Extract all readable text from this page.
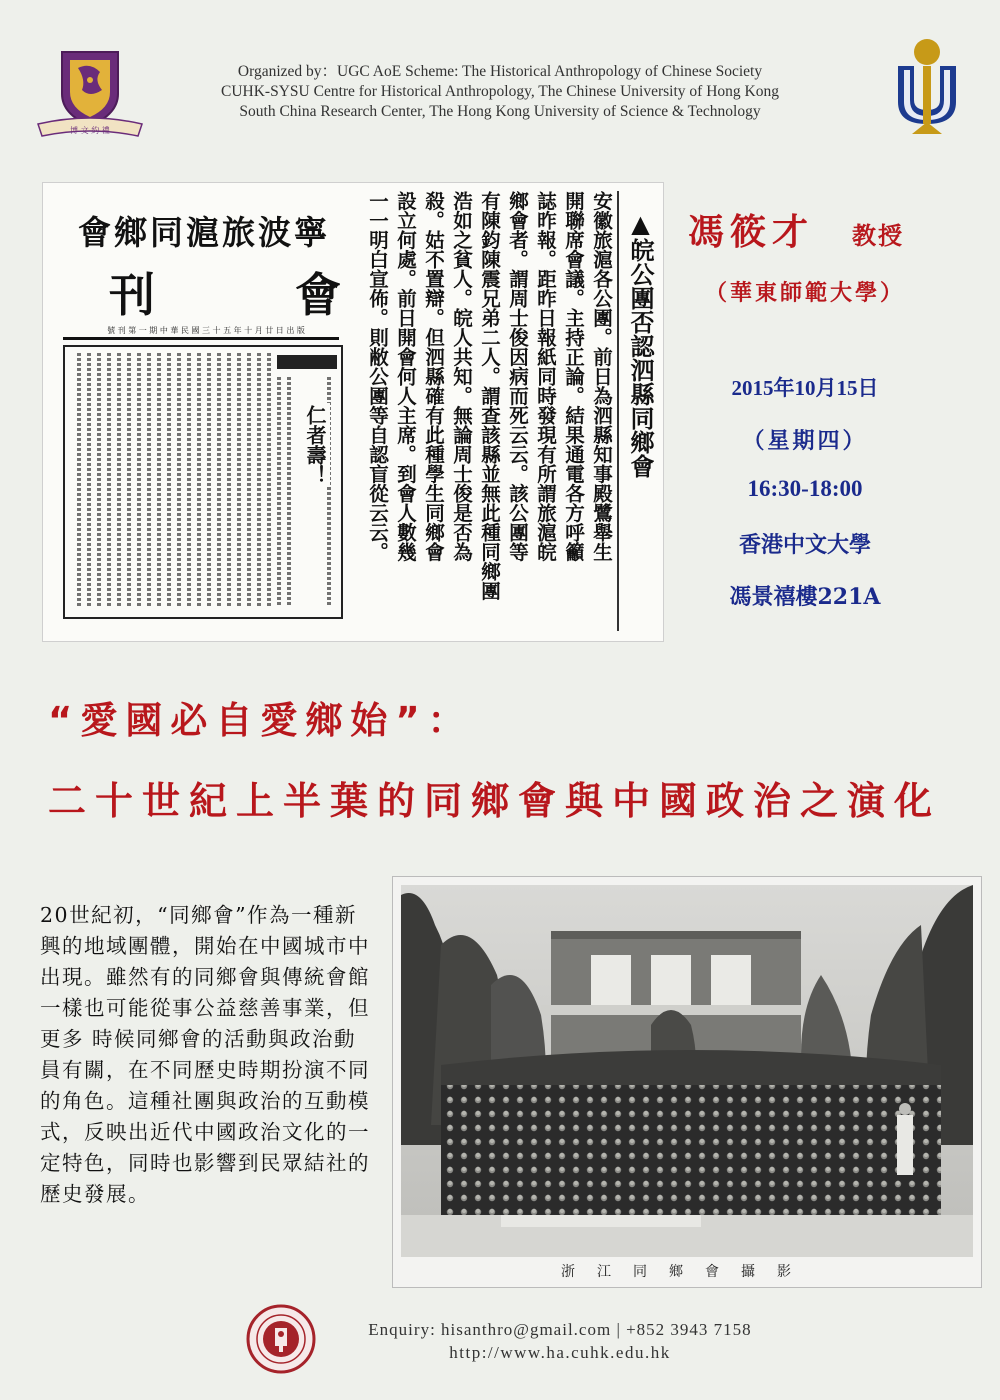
博 文 約 禮
Organized by：UGC AoE Scheme: The Historical Anthropology of Chinese Society
CUHK-SYSU Centre for Historical Anthropology, The Chinese University of Hong Kong
South China Research Center, The Hong Kong University of Science & Technology
會鄉同滬旅波寧
刊 會
號 刊 第 一 期 中 華 民 國 三 十 五 年 十 月 廿 日 出 版
仁者壽！	▲皖公團否認泗縣同鄉會
安徽旅滬各公團。前日為泗縣知事殿鷺舉生
開聯席會議。主持正論。結果通電各方呼籲
誌昨報。距昨日報紙同時發現有所謂旅滬皖
鄉會者。謂周士俊因病而死云云。該公團等
有陳鈞陳震兄弟二人。謂查該縣並無此種同鄉團
浩如之貧人。皖人共知。無論周士俊是否為
殺。姑不置辯。但泗縣確有此種學生同鄉會
設立何處。前日開會何人主席。到會人數幾
一一明白宣佈。則敝公團等自認盲從云云。	馮筱才 教授
（華東師範大學）
2015年10月15日
（星期四）
16:30-18:00
香港中文大學
馮景禧樓221A
“愛國必自愛鄉始”：
二十世紀上半葉的同鄉會與中國政治之演化
20世紀初，“同鄉會”作為一種新興的地域團體，開始在中國城市中出現。雖然有的同鄉會與傳統會館一樣也可能從事公益慈善事業，但更多 時候同鄉會的活動與政治動員有關，在不同歷史時期扮演不同的角色。這種社團與政治的互動模式，反映出近代中國政治文化的一定特色，同時也影響到民眾結社的歷史發展。
浙江同鄉會攝影
Enquiry: hisanthro@gmail.com | +852 3943 7158
http://www.ha.cuhk.edu.hk
